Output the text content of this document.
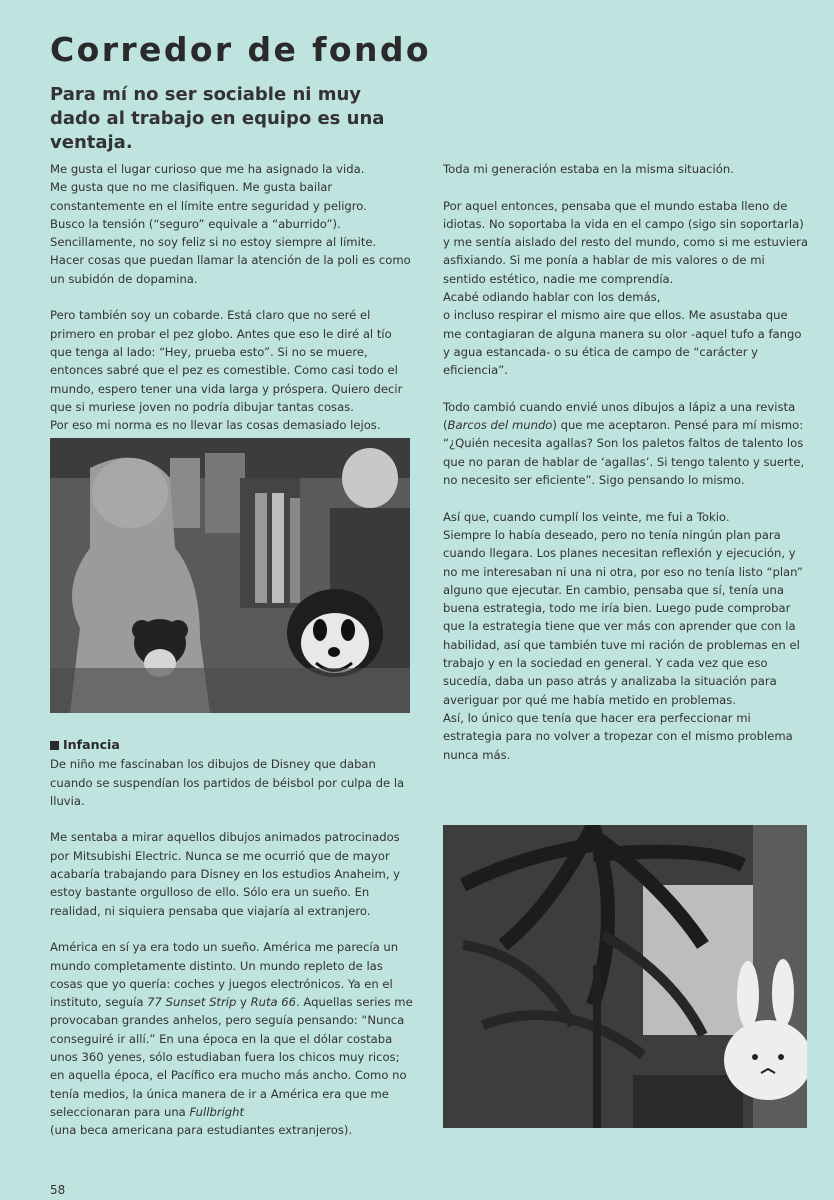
Corredor de fondo
Para mí no ser sociable ni muy dado al trabajo en equipo es una ventaja.

Me gusta el lugar curioso que me ha asignado la vida.
Me gusta que no me clasifiquen. Me gusta bailar constantemente en el límite entre seguridad y peligro.
Busco la tensión (“seguro” equivale a “aburrido”).
Sencillamente, no soy feliz si no estoy siempre al límite.
Hacer cosas que puedan llamar la atención de la poli es como un subidón de dopamina.

Pero también soy un cobarde. Está claro que no seré el primero en probar el pez globo. Antes que eso le diré al tío que tenga al lado: “Hey, prueba esto”. Si no se muere, entonces sabré que el pez es comestible. Como casi todo el mundo, espero tener una vida larga y próspera. Quiero decir que si muriese joven no podría dibujar tantas cosas.
Por eso mi norma es no llevar las cosas demasiado lejos.

Infancia

De niño me fascinaban los dibujos de Disney que daban cuando se suspendían los partidos de béisbol por culpa de la lluvia.

Me sentaba a mirar aquellos dibujos animados patrocinados por Mitsubishi Electric. Nunca se me ocurrió que de mayor acabaría trabajando para Disney en los estudios Anaheim, y estoy bastante orgulloso de ello. Sólo era un sueño. En realidad, ni siquiera pensaba que viajaría al extranjero.

América en sí ya era todo un sueño. América me parecía un mundo completamente distinto. Un mundo repleto de las cosas que yo quería: coches y juegos electrónicos. Ya en el instituto, seguía 77 Sunset Strip y Ruta 66. Aquellas series me provocaban grandes anhelos, pero seguía pensando: “Nunca conseguiré ir allí.” En una época en la que el dólar costaba unos 360 yenes, sólo estudiaban fuera los chicos muy ricos; en aquella época, el Pacífico era mucho más ancho. Como no tenía medios, la única manera de ir a América era que me seleccionaran para una Fullbright
(una beca americana para estudiantes extranjeros).

Toda mi generación estaba en la misma situación.

Por aquel entonces, pensaba que el mundo estaba lleno de idiotas. No soportaba la vida en el campo (sigo sin soportarla) y me sentía aislado del resto del mundo, como si me estuviera asfixiando. Si me ponía a hablar de mis valores o de mi sentido estético, nadie me comprendía.
Acabé odiando hablar con los demás,
o incluso respirar el mismo aire que ellos. Me asustaba que me contagiaran de alguna manera su olor -aquel tufo a fango y agua estancada- o su ética de campo de “carácter y eficiencia”.

Todo cambió cuando envié unos dibujos a lápiz a una revista (Barcos del mundo) que me aceptaron. Pensé para mí mismo: “¿Quién necesita agallas? Son los paletos faltos de talento los que no paran de hablar de ‘agallas’. Si tengo talento y suerte, no necesito ser eficiente”. Sigo pensando lo mismo.

Así que, cuando cumplí los veinte, me fui a Tokio.
Siempre lo había deseado, pero no tenía ningún plan para cuando llegara. Los planes necesitan reflexión y ejecución, y no me interesaban ni una ni otra, por eso no tenía listo “plan” alguno que ejecutar. En cambio, pensaba que sí, tenía una buena estrategia, todo me iría bien. Luego pude comprobar que la estrategia tiene que ver más con aprender que con la habilidad, así que también tuve mi ración de problemas en el trabajo y en la sociedad en general. Y cada vez que eso sucedía, daba un paso atrás y analizaba la situación para averiguar por qué me había metido en problemas.
Así, lo único que tenía que hacer era perfeccionar mi estrategia para no volver a tropezar con el mismo problema nunca más.

58
